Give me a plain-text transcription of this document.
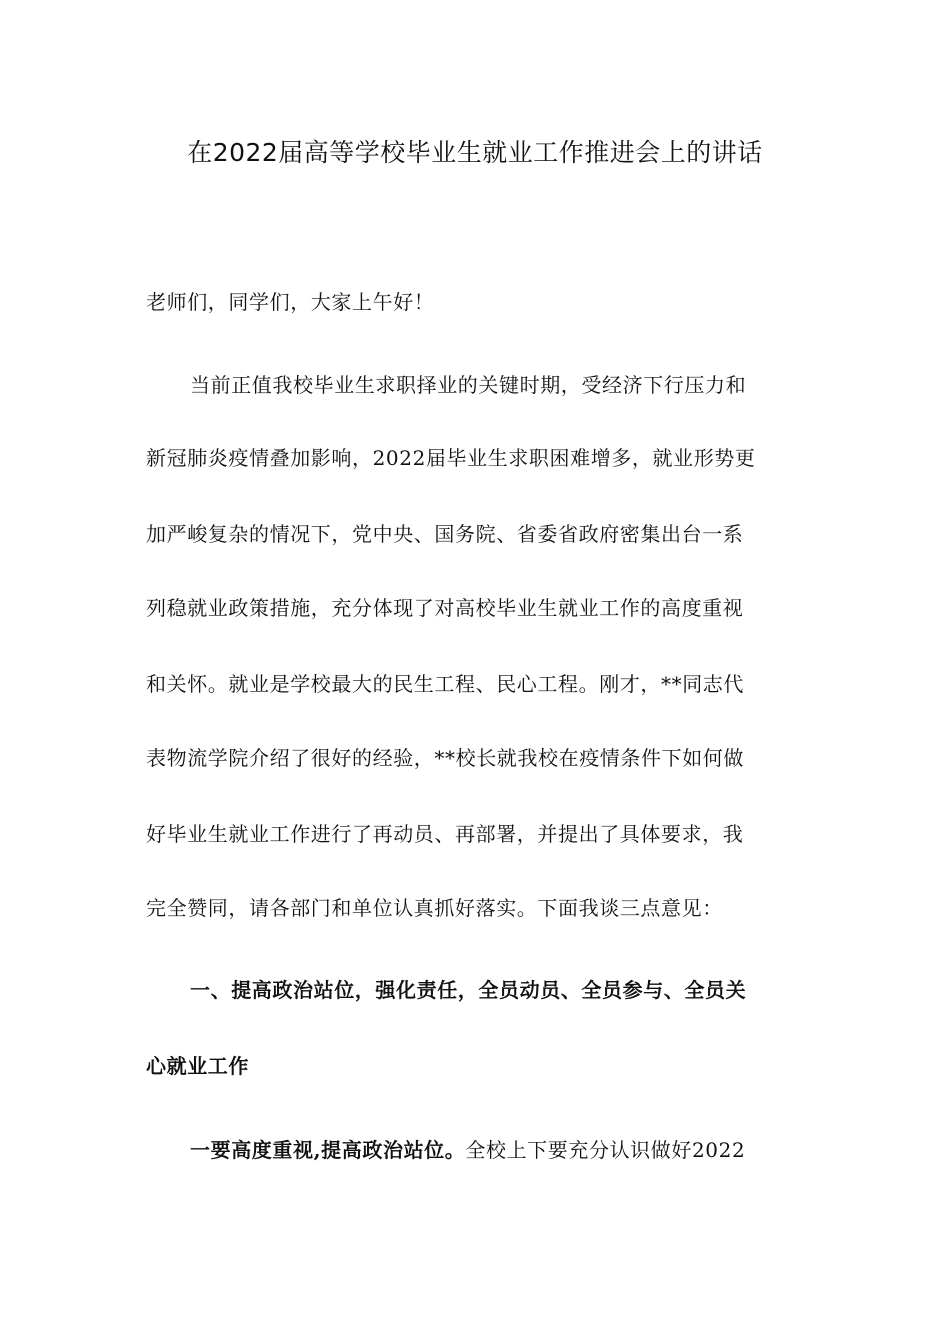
在2022届高等学校毕业生就业工作推进会上的讲话
老师们，同学们，大家上午好！
当前正值我校毕业生求职择业的关键时期，受经济下行压力和
新冠肺炎疫情叠加影响，2022届毕业生求职困难增多，就业形势更
加严峻复杂的情况下，党中央、国务院、省委省政府密集出台一系
列稳就业政策措施，充分体现了对高校毕业生就业工作的高度重视
和关怀。就业是学校最大的民生工程、民心工程。刚才，**同志代
表物流学院介绍了很好的经验，**校长就我校在疫情条件下如何做
好毕业生就业工作进行了再动员、再部署，并提出了具体要求，我
完全赞同，请各部门和单位认真抓好落实。下面我谈三点意见：
一、提高政治站位，强化责任，全员动员、全员参与、全员关
心就业工作
一要高度重视,提高政治站位。全校上下要充分认识做好2022
